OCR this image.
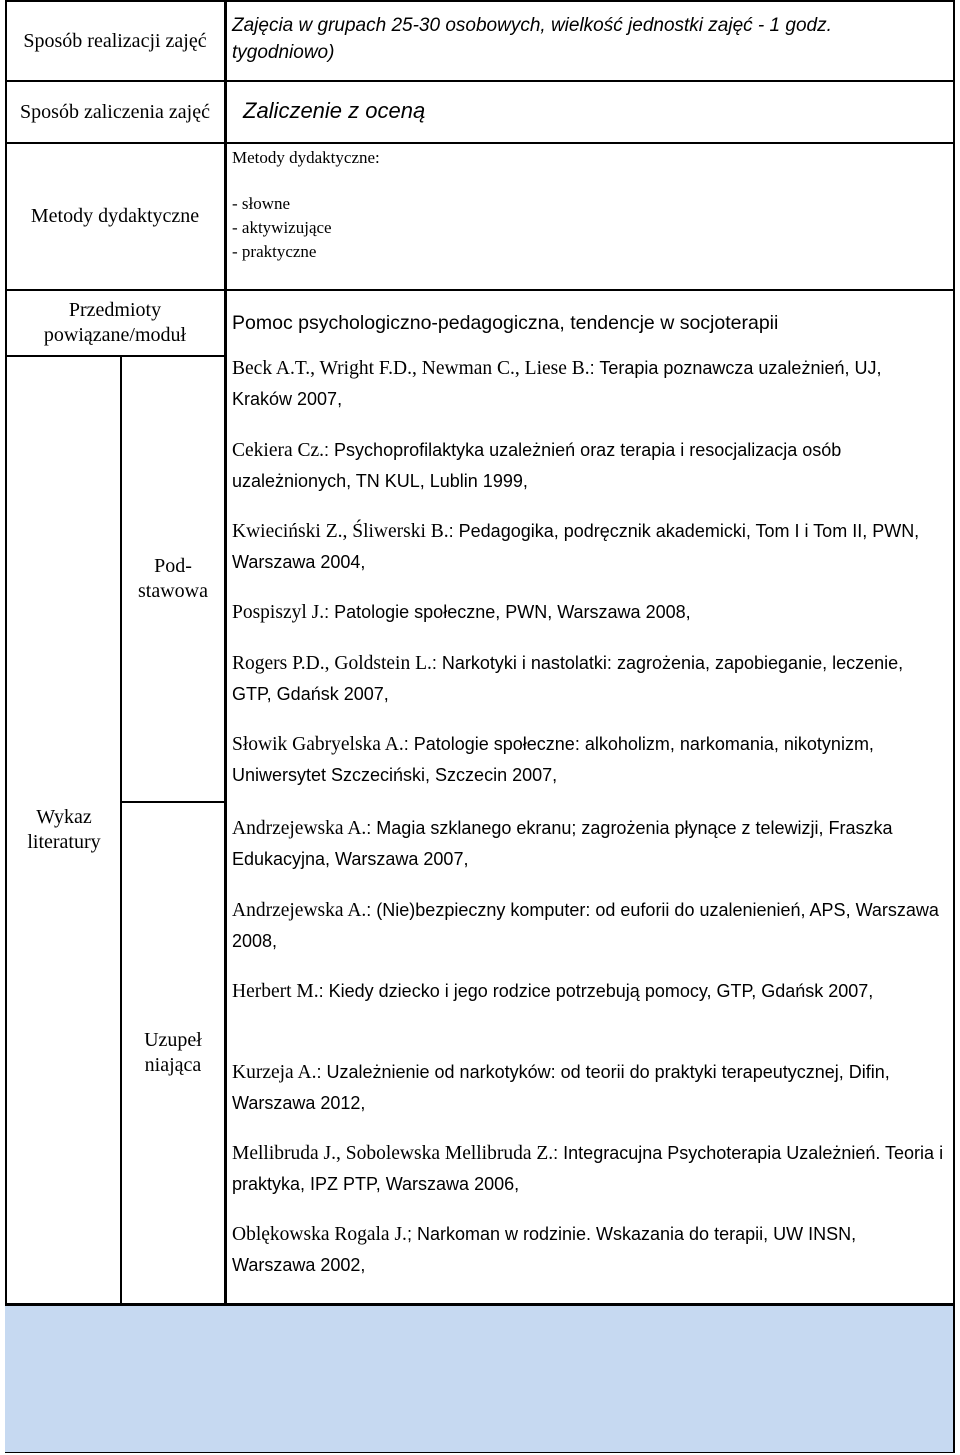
Sposób realizacji zajęć
Zajęcia w grupach 25-30 osobowych, wielkość jednostki zajęć - 1 godz. tygodniowo)
Sposób zaliczenia zajęć	Zaliczenie z oceną
Metody dydaktyczne
Metody dydaktyczne:
- słowne
- aktywizujące
- praktyczne
Przedmioty powiązane/moduł
Pomoc psychologiczno-pedagogiczna, tendencje w socjoterapii
Wykaz literatury
Pod-
stawowa
Uzupeł
niająca
Beck A.T., Wright F.D., Newman C., Liese B.: Terapia poznawcza uzależnień, UJ, Kraków 2007,
Cekiera Cz.: Psychoprofilaktyka uzależnień oraz terapia i resocjalizacja osób uzależnionych, TN KUL, Lublin 1999,
Kwieciński Z., Śliwerski B.: Pedagogika, podręcznik akademicki, Tom I i Tom II, PWN, Warszawa 2004,
Pospiszyl J.: Patologie społeczne, PWN, Warszawa 2008,
Rogers P.D., Goldstein L.: Narkotyki i nastolatki: zagrożenia, zapobieganie, leczenie, GTP, Gdańsk 2007,
Słowik Gabryelska A.: Patologie społeczne: alkoholizm, narkomania, nikotynizm, Uniwersytet Szczeciński, Szczecin 2007,
Andrzejewska A.: Magia szklanego ekranu; zagrożenia płynące z telewizji, Fraszka Edukacyjna, Warszawa 2007,
Andrzejewska A.: (Nie)bezpieczny komputer: od euforii do uzalenienień, APS, Warszawa 2008,
Herbert M.: Kiedy dziecko i jego rodzice potrzebują pomocy, GTP, Gdańsk 2007,
Kurzeja A.: Uzależnienie od narkotyków: od teorii do praktyki terapeutycznej, Difin, Warszawa 2012,
Mellibruda J., Sobolewska Mellibruda Z.: Integracujna Psychoterapia Uzależnień. Teoria i praktyka, IPZ PTP, Warszawa 2006,
Oblękowska Rogala J.; Narkoman w rodzinie. Wskazania do terapii, UW INSN, Warszawa 2002,
